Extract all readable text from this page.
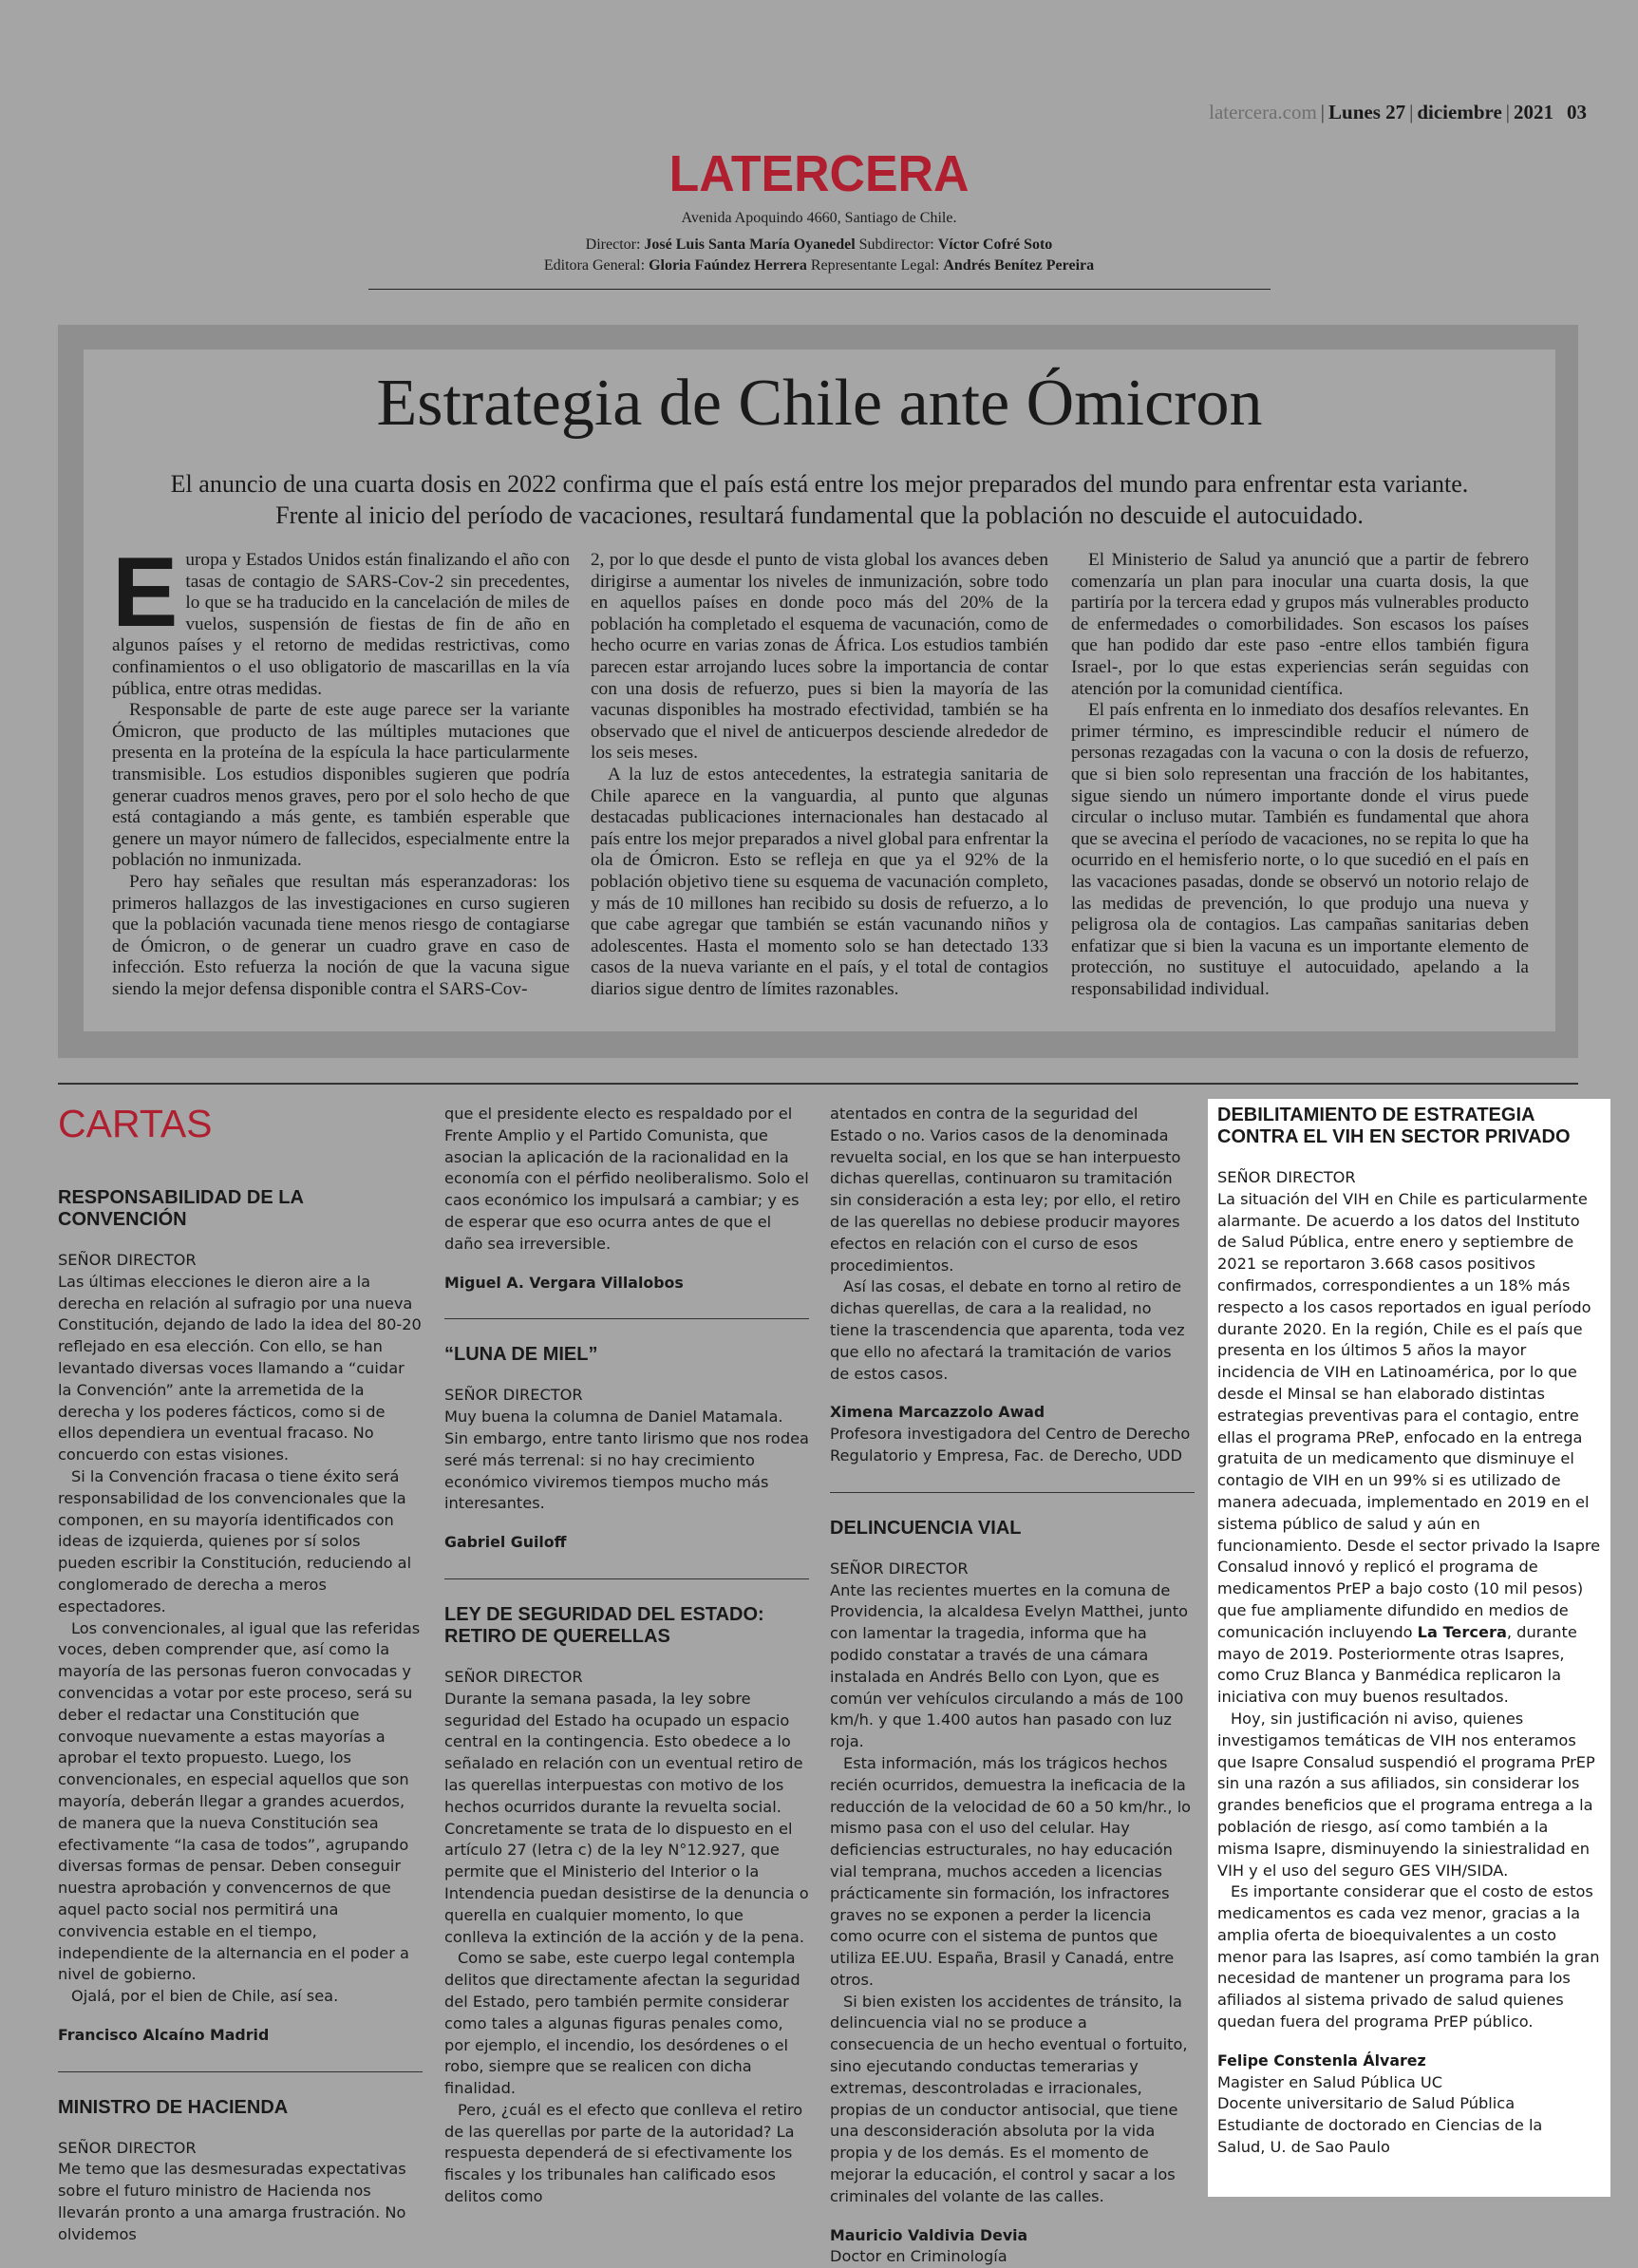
latercera.com | Lunes 27 | diciembre | 2021 03
LATERCERA
Avenida Apoquindo 4660, Santiago de Chile.
Director: José Luis Santa María Oyanedel Subdirector: Víctor Cofré Soto
Editora General: Gloria Faúndez Herrera Representante Legal: Andrés Benítez Pereira
Estrategia de Chile ante Ómicron
El anuncio de una cuarta dosis en 2022 confirma que el país está entre los mejor preparados del mundo para enfrentar esta variante. Frente al inicio del período de vacaciones, resultará fundamental que la población no descuide el autocuidado.
E uropa y Estados Unidos están finalizando el año con tasas de contagio de SARS-Cov-2 sin precedentes, lo que se ha traducido en la cancelación de miles de vuelos, suspensión de fiestas de fin de año en algunos países y el retorno de medidas restrictivas, como confinamientos o el uso obligatorio de mascarillas en la vía pública, entre otras medidas.

Responsable de parte de este auge parece ser la variante Ómicron, que producto de las múltiples mutaciones que presenta en la proteína de la espícula la hace particularmente transmisible. Los estudios disponibles sugieren que podría generar cuadros menos graves, pero por el solo hecho de que está contagiando a más gente, es también esperable que genere un mayor número de fallecidos, especialmente entre la población no inmunizada.

Pero hay señales que resultan más esperanzadoras: los primeros hallazgos de las investigaciones en curso sugieren que la población vacunada tiene menos riesgo de contagiarse de Ómicron, o de generar un cuadro grave en caso de infección. Esto refuerza la noción de que la vacuna sigue siendo la mejor defensa disponible contra el SARS-Cov-

2, por lo que desde el punto de vista global los avances deben dirigirse a aumentar los niveles de inmunización, sobre todo en aquellos países en donde poco más del 20% de la población ha completado el esquema de vacunación, como de hecho ocurre en varias zonas de África. Los estudios también parecen estar arrojando luces sobre la importancia de contar con una dosis de refuerzo, pues si bien la mayoría de las vacunas disponibles ha mostrado efectividad, también se ha observado que el nivel de anticuerpos desciende alrededor de los seis meses.

A la luz de estos antecedentes, la estrategia sanitaria de Chile aparece en la vanguardia, al punto que algunas destacadas publicaciones internacionales han destacado al país entre los mejor preparados a nivel global para enfrentar la ola de Ómicron. Esto se refleja en que ya el 92% de la población objetivo tiene su esquema de vacunación completo, y más de 10 millones han recibido su dosis de refuerzo, a lo que cabe agregar que también se están vacunando niños y adolescentes. Hasta el momento solo se han detectado 133 casos de la nueva variante en el país, y el total de contagios diarios sigue dentro de límites razonables.

El Ministerio de Salud ya anunció que a partir de febrero comenzaría un plan para inocular una cuarta dosis, la que partiría por la tercera edad y grupos más vulnerables producto de enfermedades o comorbilidades. Son escasos los países que han podido dar este paso -entre ellos también figura Israel-, por lo que estas experiencias serán seguidas con atención por la comunidad científica.

El país enfrenta en lo inmediato dos desafíos relevantes. En primer término, es imprescindible reducir el número de personas rezagadas con la vacuna o con la dosis de refuerzo, que si bien solo representan una fracción de los habitantes, sigue siendo un número importante donde el virus puede circular o incluso mutar. También es fundamental que ahora que se avecina el período de vacaciones, no se repita lo que ha ocurrido en el hemisferio norte, o lo que sucedió en el país en las vacaciones pasadas, donde se observó un notorio relajo de las medidas de prevención, lo que produjo una nueva y peligrosa ola de contagios. Las campañas sanitarias deben enfatizar que si bien la vacuna es un importante elemento de protección, no sustituye el autocuidado, apelando a la responsabilidad individual.

CARTAS
RESPONSABILIDAD DE LA CONVENCIÓN

SEÑOR DIRECTOR

Las últimas elecciones le dieron aire a la derecha en relación al sufragio por una nueva Constitución, dejando de lado la idea del 80-20 reflejado en esa elección. Con ello, se han levantado diversas voces llamando a “cuidar la Convención” ante la arremetida de la derecha y los poderes fácticos, como si de ellos dependiera un eventual fracaso. No concuerdo con estas visiones.

Si la Convención fracasa o tiene éxito será responsabilidad de los convencionales que la componen, en su mayoría identificados con ideas de izquierda, quienes por sí solos pueden escribir la Constitución, reduciendo al conglomerado de derecha a meros espectadores.

Los convencionales, al igual que las referidas voces, deben comprender que, así como la mayoría de las personas fueron convocadas y convencidas a votar por este proceso, será su deber el redactar una Constitución que convoque nuevamente a estas mayorías a aprobar el texto propuesto. Luego, los convencionales, en especial aquellos que son mayoría, deberán llegar a grandes acuerdos, de manera que la nueva Constitución sea efectivamente “la casa de todos”, agrupando diversas formas de pensar. Deben conseguir nuestra aprobación y convencernos de que aquel pacto social nos permitirá una convivencia estable en el tiempo, independiente de la alternancia en el poder a nivel de gobierno.

Ojalá, por el bien de Chile, así sea.

Francisco Alcaíno Madrid
MINISTRO DE HACIENDA

SEÑOR DIRECTOR

Me temo que las desmesuradas expectativas sobre el futuro ministro de Hacienda nos llevarán pronto a una amarga frustración. No olvidemos

que el presidente electo es respaldado por el Frente Amplio y el Partido Comunista, que asocian la aplicación de la racionalidad en la economía con el pérfido neoliberalismo. Solo el caos económico los impulsará a cambiar; y es de esperar que eso ocurra antes de que el daño sea irreversible.

Miguel A. Vergara Villalobos
“LUNA DE MIEL”

SEÑOR DIRECTOR

Muy buena la columna de Daniel Matamala. Sin embargo, entre tanto lirismo que nos rodea seré más terrenal: si no hay crecimiento económico viviremos tiempos mucho más interesantes.

Gabriel Guiloff
LEY DE SEGURIDAD DEL ESTADO: RETIRO DE QUERELLAS

SEÑOR DIRECTOR

Durante la semana pasada, la ley sobre seguridad del Estado ha ocupado un espacio central en la contingencia. Esto obedece a lo señalado en relación con un eventual retiro de las querellas interpuestas con motivo de los hechos ocurridos durante la revuelta social. Concretamente se trata de lo dispuesto en el artículo 27 (letra c) de la ley N°12.927, que permite que el Ministerio del Interior o la Intendencia puedan desistirse de la denuncia o querella en cualquier momento, lo que conlleva la extinción de la acción y de la pena.

Como se sabe, este cuerpo legal contempla delitos que directamente afectan la seguridad del Estado, pero también permite considerar como tales a algunas figuras penales como, por ejemplo, el incendio, los desórdenes o el robo, siempre que se realicen con dicha finalidad.

Pero, ¿cuál es el efecto que conlleva el retiro de las querellas por parte de la autoridad? La respuesta dependerá de si efectivamente los fiscales y los tribunales han calificado esos delitos como

atentados en contra de la seguridad del Estado o no. Varios casos de la denominada revuelta social, en los que se han interpuesto dichas querellas, continuaron su tramitación sin consideración a esta ley; por ello, el retiro de las querellas no debiese producir mayores efectos en relación con el curso de esos procedimientos.

Así las cosas, el debate en torno al retiro de dichas querellas, de cara a la realidad, no tiene la trascendencia que aparenta, toda vez que ello no afectará la tramitación de varios de estos casos.

Ximena Marcazzolo Awad
Profesora investigadora del Centro de Derecho Regulatorio y Empresa, Fac. de Derecho, UDD
DELINCUENCIA VIAL

SEÑOR DIRECTOR

Ante las recientes muertes en la comuna de Providencia, la alcaldesa Evelyn Matthei, junto con lamentar la tragedia, informa que ha podido constatar a través de una cámara instalada en Andrés Bello con Lyon, que es común ver vehículos circulando a más de 100 km/h. y que 1.400 autos han pasado con luz roja.

Esta información, más los trágicos hechos recién ocurridos, demuestra la ineficacia de la reducción de la velocidad de 60 a 50 km/hr., lo mismo pasa con el uso del celular. Hay deficiencias estructurales, no hay educación vial temprana, muchos acceden a licencias prácticamente sin formación, los infractores graves no se exponen a perder la licencia como ocurre con el sistema de puntos que utiliza EE.UU. España, Brasil y Canadá, entre otros.

Si bien existen los accidentes de tránsito, la delincuencia vial no se produce a consecuencia de un hecho eventual o fortuito, sino ejecutando conductas temerarias y extremas, descontroladas e irracionales, propias de un conductor antisocial, que tiene una desconsideración absoluta por la vida propia y de los demás. Es el momento de mejorar la educación, el control y sacar a los criminales del volante de las calles.

Mauricio Valdivia Devia
Doctor en Criminología
DEBILITAMIENTO DE ESTRATEGIA CONTRA EL VIH EN SECTOR PRIVADO

SEÑOR DIRECTOR

La situación del VIH en Chile es particularmente alarmante. De acuerdo a los datos del Instituto de Salud Pública, entre enero y septiembre de 2021 se reportaron 3.668 casos positivos confirmados, correspondientes a un 18% más respecto a los casos reportados en igual período durante 2020. En la región, Chile es el país que presenta en los últimos 5 años la mayor incidencia de VIH en Latinoamérica, por lo que desde el Minsal se han elaborado distintas estrategias preventivas para el contagio, entre ellas el programa PReP, enfocado en la entrega gratuita de un medicamento que disminuye el contagio de VIH en un 99% si es utilizado de manera adecuada, implementado en 2019 en el sistema público de salud y aún en funcionamiento. Desde el sector privado la Isapre Consalud innovó y replicó el programa de medicamentos PrEP a bajo costo (10 mil pesos) que fue ampliamente difundido en medios de comunicación incluyendo La Tercera, durante mayo de 2019. Posteriormente otras Isapres, como Cruz Blanca y Banmédica replicaron la iniciativa con muy buenos resultados.

Hoy, sin justificación ni aviso, quienes investigamos temáticas de VIH nos enteramos que Isapre Consalud suspendió el programa PrEP sin una razón a sus afiliados, sin considerar los grandes beneficios que el programa entrega a la población de riesgo, así como también a la misma Isapre, disminuyendo la siniestralidad en VIH y el uso del seguro GES VIH/SIDA.

Es importante considerar que el costo de estos medicamentos es cada vez menor, gracias a la amplia oferta de bioequivalentes a un costo menor para las Isapres, así como también la gran necesidad de mantener un programa para los afiliados al sistema privado de salud quienes quedan fuera del programa PrEP público.

Felipe Constenla Álvarez
Magister en Salud Pública UC
Docente universitario de Salud Pública
Estudiante de doctorado en Ciencias de la
Salud, U. de Sao Paulo
